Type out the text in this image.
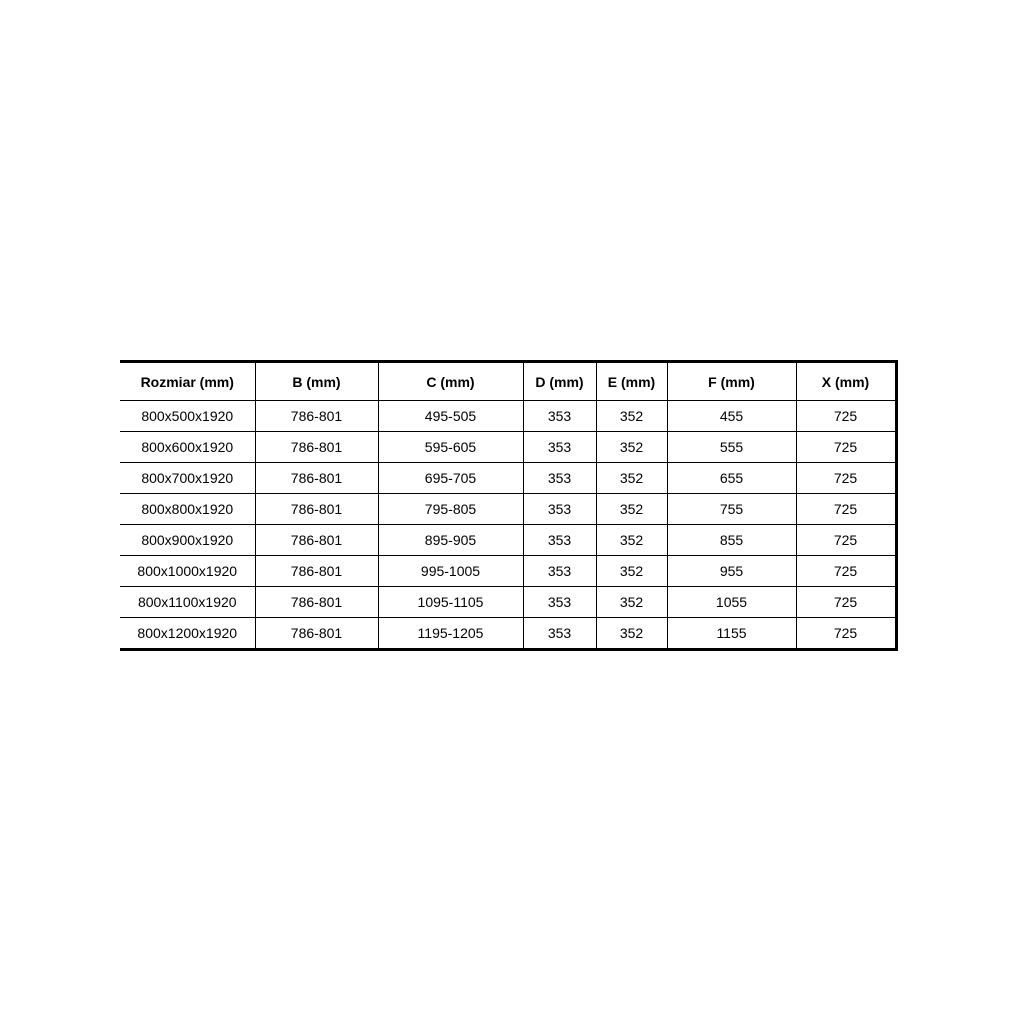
Rozmiar (mm)	B (mm)	C (mm)	D (mm)	E (mm)	F (mm)	X (mm)
800x500x1920	786-801	495-505	353	352	455	725
800x600x1920	786-801	595-605	353	352	555	725
800x700x1920	786-801	695-705	353	352	655	725
800x800x1920	786-801	795-805	353	352	755	725
800x900x1920	786-801	895-905	353	352	855	725
800x1000x1920	786-801	995-1005	353	352	955	725
800x1100x1920	786-801	1095-1105	353	352	1055	725
800x1200x1920	786-801	1195-1205	353	352	1155	725
